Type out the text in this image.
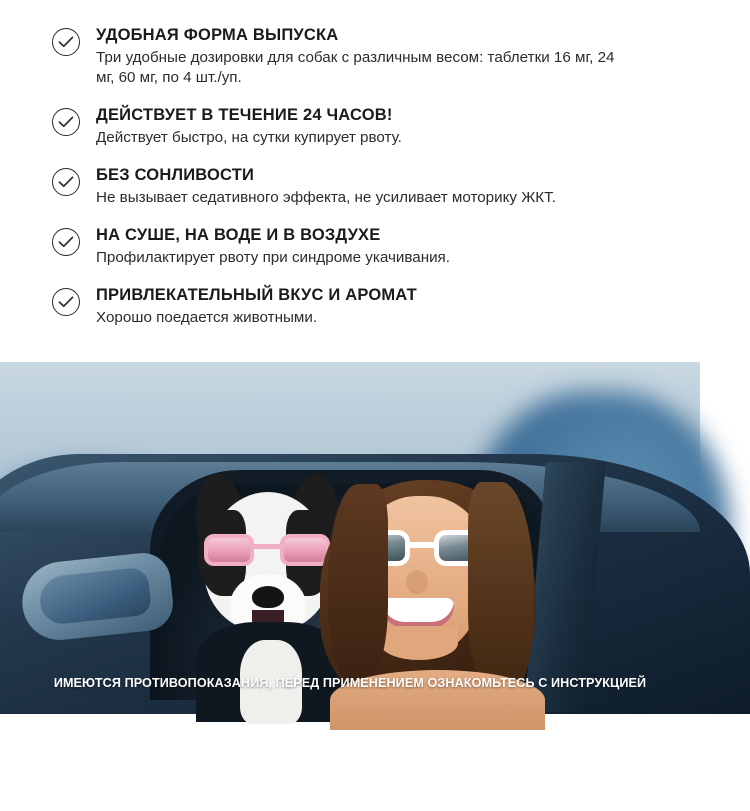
УДОБНАЯ ФОРМА ВЫПУСКА
Три удобные дозировки для собак с различным весом: таблетки 16 мг, 24 мг, 60 мг, по 4 шт./уп.
ДЕЙСТВУЕТ В ТЕЧЕНИЕ 24 ЧАСОВ!
Действует быстро, на сутки купирует рвоту.
БЕЗ СОНЛИВОСТИ
Не вызывает седативного эффекта, не усиливает моторику ЖКТ.
НА СУШЕ, НА ВОДЕ И В ВОЗДУХЕ
Профилактирует рвоту при синдроме укачивания.
ПРИВЛЕКАТЕЛЬНЫЙ ВКУС И АРОМАТ
Хорошо поедается животными.
ПРЕИМУЩЕСТВА
ИМЕЮТСЯ ПРОТИВОПОКАЗАНИЯ, ПЕРЕД ПРИМЕНЕНИЕМ ОЗНАКОМЬТЕСЬ С ИНСТРУКЦИЕЙ
